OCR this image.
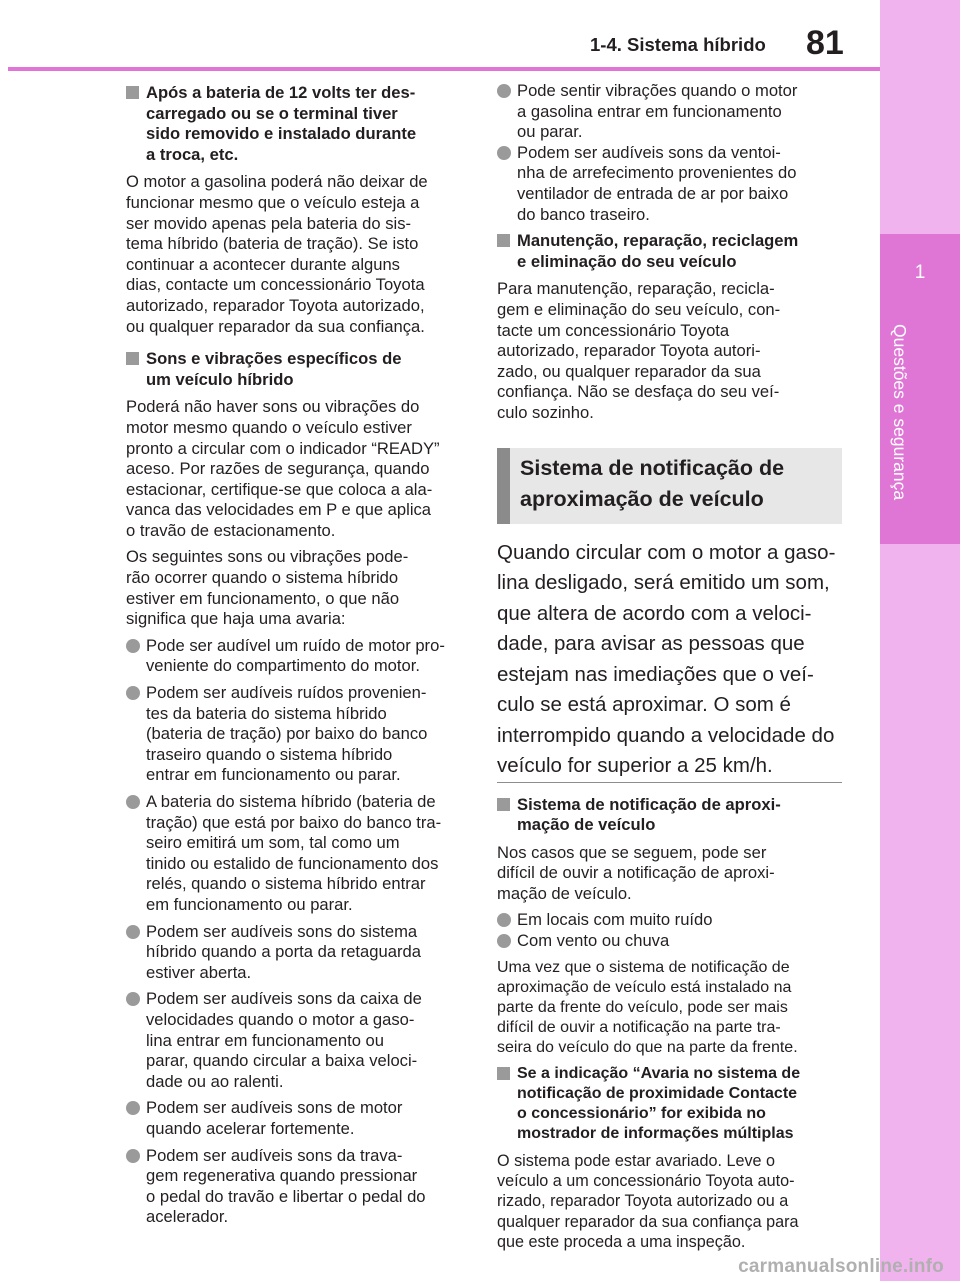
1
Questões e segurança
1-4. Sistema híbrido 81
Após a bateria de 12 volts ter des-
carregado ou se o terminal tiver
sido removido e instalado durante
a troca, etc.

O motor a gasolina poderá não deixar de
funcionar mesmo que o veículo esteja a
ser movido apenas pela bateria do sis-
tema híbrido (bateria de tração). Se isto
continuar a acontecer durante alguns
dias, contacte um concessionário Toyota
autorizado, reparador Toyota autorizado,
ou qualquer reparador da sua confiança.

Sons e vibrações específicos de
um veículo híbrido

Poderá não haver sons ou vibrações do
motor mesmo quando o veículo estiver
pronto a circular com o indicador “READY”
aceso. Por razões de segurança, quando
estacionar, certifique-se que coloca a ala-
vanca das velocidades em P e que aplica
o travão de estacionamento.

Os seguintes sons ou vibrações pode-
rão ocorrer quando o sistema híbrido
estiver em funcionamento, o que não
significa que haja uma avaria:

Pode ser audível um ruído de motor pro-
veniente do compartimento do motor.
Podem ser audíveis ruídos provenien-
tes da bateria do sistema híbrido
(bateria de tração) por baixo do banco
traseiro quando o sistema híbrido
entrar em funcionamento ou parar.
A bateria do sistema híbrido (bateria de
tração) que está por baixo do banco tra-
seiro emitirá um som, tal como um
tinido ou estalido de funcionamento dos
relés, quando o sistema híbrido entrar
em funcionamento ou parar.
Podem ser audíveis sons do sistema
híbrido quando a porta da retaguarda
estiver aberta.
Podem ser audíveis sons da caixa de
velocidades quando o motor a gaso-
lina entrar em funcionamento ou
parar, quando circular a baixa veloci-
dade ou ao ralenti.
Podem ser audíveis sons de motor
quando acelerar fortemente.
Podem ser audíveis sons da trava-
gem regenerativa quando pressionar
o pedal do travão e libertar o pedal do
acelerador.
Pode sentir vibrações quando o motor
a gasolina entrar em funcionamento
ou parar.
Podem ser audíveis sons da ventoi-
nha de arrefecimento provenientes do
ventilador de entrada de ar por baixo
do banco traseiro.
Manutenção, reparação, reciclagem
e eliminação do seu veículo

Para manutenção, reparação, recicla-
gem e eliminação do seu veículo, con-
tacte um concessionário Toyota
autorizado, reparador Toyota autori-
zado, ou qualquer reparador da sua
confiança. Não se desfaça do seu veí-
culo sozinho.

Sistema de notificação de
aproximação de veículo

Quando circular com o motor a gaso-
lina desligado, será emitido um som,
que altera de acordo com a veloci-
dade, para avisar as pessoas que
estejam nas imediações que o veí-
culo se está aproximar. O som é
interrompido quando a velocidade do
veículo for superior a 25 km/h.

Sistema de notificação de aproxi-
mação de veículo

Nos casos que se seguem, pode ser
difícil de ouvir a notificação de aproxi-
mação de veículo.

Em locais com muito ruído
Com vento ou chuva

Uma vez que o sistema de notificação de
aproximação de veículo está instalado na
parte da frente do veículo, pode ser mais
difícil de ouvir a notificação na parte tra-
seira do veículo do que na parte da frente.

Se a indicação “Avaria no sistema de
notificação de proximidade Contacte
o concessionário” for exibida no
mostrador de informações múltiplas

O sistema pode estar avariado. Leve o
veículo a um concessionário Toyota auto-
rizado, reparador Toyota autorizado ou a
qualquer reparador da sua confiança para
que este proceda a uma inspeção.

carmanualsonline.info
